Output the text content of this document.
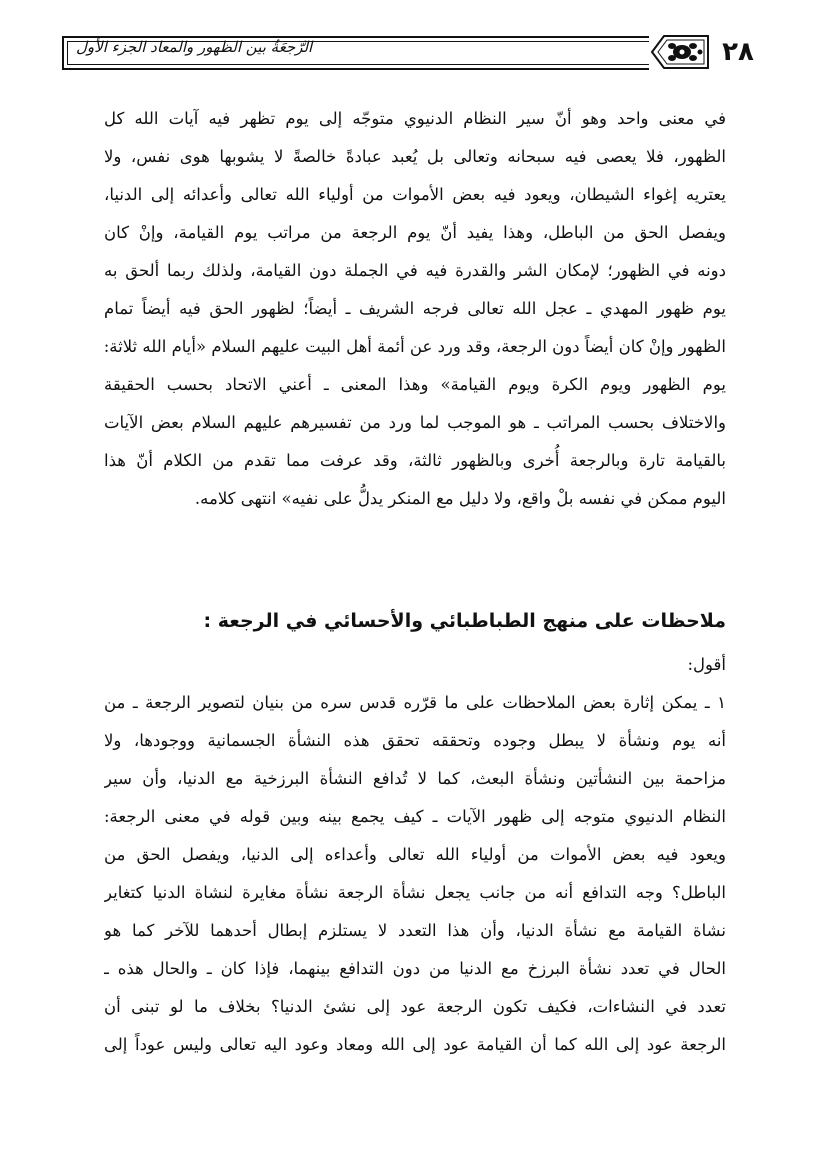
الرَّجعَةُ بين الظهور والمعاد الجزء الأول	٢٨
في معنى واحد وهو أنّ سير النظام الدنيوي متوجّه إلى يوم تظهر فيه آيات الله كل
الظهور، فلا يعصى فيه سبحانه وتعالى بل يُعبد عبادةً خالصةً لا يشوبها هوى نفس، ولا
يعتريه إغواء الشيطان، ويعود فيه بعض الأموات من أولياء الله تعالى وأعدائه إلى الدنيا،
ويفصل الحق من الباطل، وهذا يفيد أنّ يوم الرجعة من مراتب يوم القيامة، وإنْ كان
دونه في الظهور؛ لإمكان الشر والقدرة فيه في الجملة دون القيامة، ولذلك ربما ألحق به
يوم ظهور المهدي ـ عجل الله تعالى فرجه الشريف ـ أيضاً؛ لظهور الحق فيه أيضاً تمام
الظهور وإنْ كان أيضاً دون الرجعة، وقد ورد عن أئمة أهل البيت عليهم السلام «أيام الله ثلاثة:
يوم الظهور ويوم الكرة ويوم القيامة» وهذا المعنى ـ أعني الاتحاد بحسب الحقيقة
والاختلاف بحسب المراتب ـ هو الموجب لما ورد من تفسيرهم عليهم السلام بعض الآيات
بالقيامة تارة وبالرجعة أُخرى وبالظهور ثالثة، وقد عرفت مما تقدم من الكلام أنّ هذا
اليوم ممكن في نفسه بلْ واقع، ولا دليل مع المنكر يدلُّ على نفيه» انتهى كلامه.
ملاحظات على منهج الطباطبائي والأحسائي في الرجعة :
أقول:
١ ـ يمكن إثارة بعض الملاحظات على ما قرّره قدس سره من بنيان لتصوير الرجعة ـ من
أنه يوم ونشأة لا يبطل وجوده وتحققه تحقق هذه النشأة الجسمانية ووجودها، ولا
مزاحمة بين النشأتين ونشأة البعث، كما لا تُدافع النشأة البرزخية مع الدنيا، وأن سير
النظام الدنيوي متوجه إلى ظهور الآيات ـ كيف يجمع بينه وبين قوله في معنى الرجعة:
ويعود فيه بعض الأموات من أولياء الله تعالى وأعداءه إلى الدنيا، ويفصل الحق من
الباطل؟ وجه التدافع أنه من جانب يجعل نشأة الرجعة نشأة مغايرة لنشاة الدنيا كتغاير
نشاة القيامة مع نشأة الدنيا، وأن هذا التعدد لا يستلزم إبطال أحدهما للآخر كما هو
الحال في تعدد نشأة البرزخ مع الدنيا من دون التدافع بينهما، فإذا كان ـ والحال هذه ـ
تعدد في النشاءات، فكيف تكون الرجعة عود إلى نشئ الدنيا؟ بخلاف ما لو تبنى أن
الرجعة عود إلى الله كما أن القيامة عود إلى الله ومعاد وعود اليه تعالى وليس عوداً إلى
